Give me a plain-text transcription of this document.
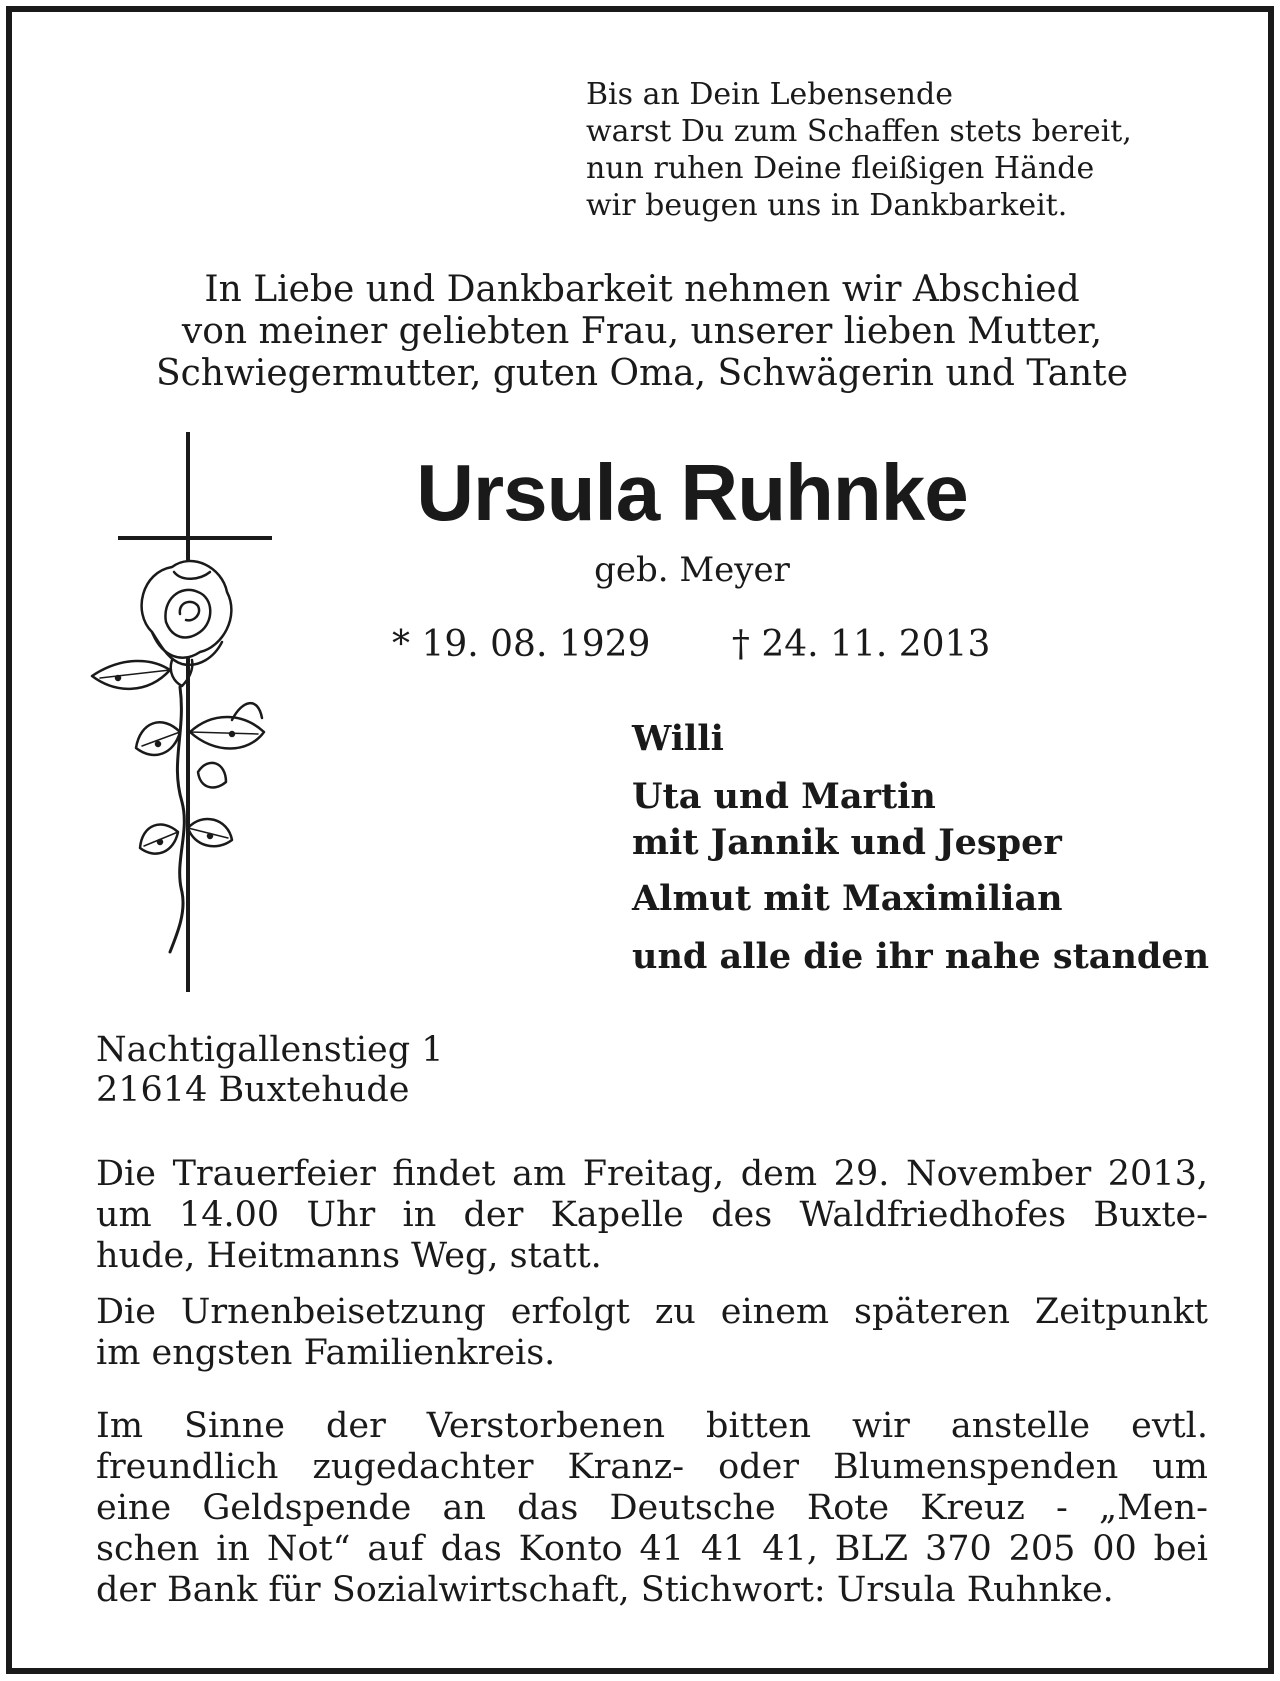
Bis an Dein Lebensende
warst Du zum Schaffen stets bereit,
nun ruhen Deine fleißigen Hände
wir beugen uns in Dankbarkeit.
In Liebe und Dankbarkeit nehmen wir Abschied
von meiner geliebten Frau, unserer lieben Mutter,
Schwiegermutter, guten Oma, Schwägerin und Tante
Ursula Ruhnke
geb. Meyer
* 19. 08. 1929 † 24. 11. 2013
Willi
Uta und Martin
mit Jannik und Jesper
Almut mit Maximilian
und alle die ihr nahe standen
Nachtigallenstieg 1
21614 Buxtehude
Die Trauerfeier findet am Freitag, dem 29. November 2013,
um 14.00 Uhr in der Kapelle des Waldfriedhofes Buxte-
hude, Heitmanns Weg, statt.
Die Urnenbeisetzung erfolgt zu einem späteren Zeitpunkt
im engsten Familienkreis.
Im Sinne der Verstorbenen bitten wir anstelle evtl.
freundlich zugedachter Kranz- oder Blumenspenden um
eine Geldspende an das Deutsche Rote Kreuz - „Men-
schen in Not“ auf das Konto 41 41 41, BLZ 370 205 00 bei
der Bank für Sozialwirtschaft, Stichwort: Ursula Ruhnke.
